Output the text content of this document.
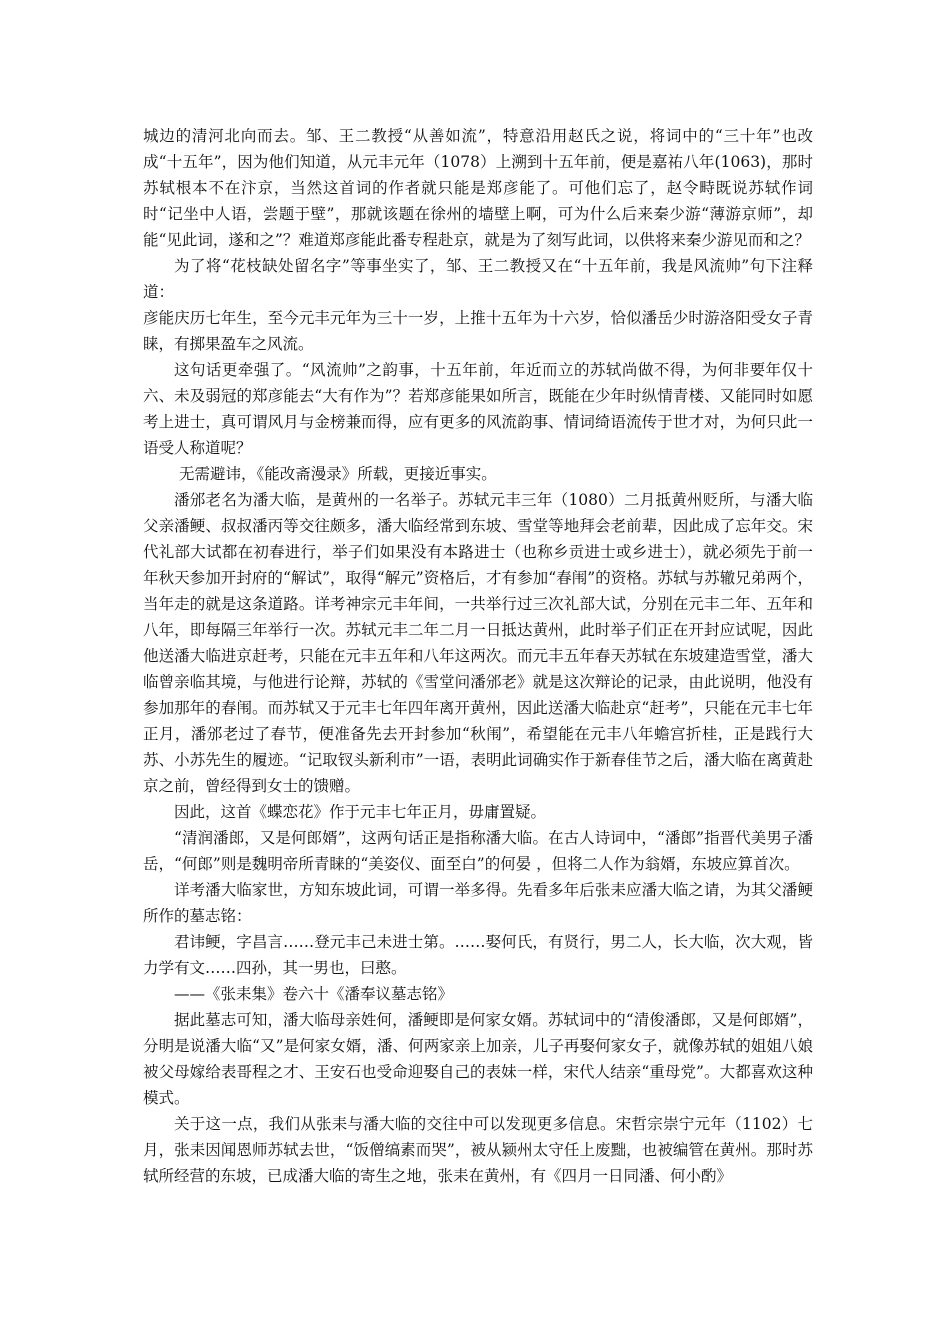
城边的清河北向而去。邹、王二教授“从善如流”，特意沿用赵氏之说，将词中的“三十年”也改成“十五年”，因为他们知道，从元丰元年（1078）上溯到十五年前，便是嘉祐八年(1063)，那时苏轼根本不在汴京，当然这首词的作者就只能是郑彦能了。可他们忘了，赵令畤既说苏轼作词时“记坐中人语，尝题于壁”，那就该题在徐州的墙壁上啊，可为什么后来秦少游“薄游京师”，却能“见此词，遂和之”？难道郑彦能此番专程赴京，就是为了刻写此词，以供将来秦少游见而和之？

为了将“花枝缺处留名字”等事坐实了，邹、王二教授又在“十五年前，我是风流帅”句下注释道：

彦能庆历七年生，至今元丰元年为三十一岁，上推十五年为十六岁，恰似潘岳少时游洛阳受女子青睐，有掷果盈车之风流。

这句话更牵强了。“风流帅”之韵事，十五年前，年近而立的苏轼尚做不得，为何非要年仅十六、未及弱冠的郑彦能去“大有作为”？若郑彦能果如所言，既能在少年时纵情青楼、又能同时如愿考上进士，真可谓风月与金榜兼而得，应有更多的风流韵事、情词绮语流传于世才对，为何只此一语受人称道呢？

无需避讳，《能改斋漫录》所载，更接近事实。

潘邠老名为潘大临，是黄州的一名举子。苏轼元丰三年（1080）二月抵黄州贬所，与潘大临父亲潘鲠、叔叔潘丙等交往颇多，潘大临经常到东坡、雪堂等地拜会老前辈，因此成了忘年交。宋代礼部大试都在初春进行，举子们如果没有本路进士（也称乡贡进士或乡进士），就必须先于前一年秋天参加开封府的“解试”，取得“解元”资格后，才有参加“春闱”的资格。苏轼与苏辙兄弟两个，当年走的就是这条道路。详考神宗元丰年间，一共举行过三次礼部大试，分别在元丰二年、五年和八年，即每隔三年举行一次。苏轼元丰二年二月一日抵达黄州，此时举子们正在开封应试呢，因此他送潘大临进京赶考，只能在元丰五年和八年这两次。而元丰五年春天苏轼在东坡建造雪堂，潘大临曾亲临其境，与他进行论辩，苏轼的《雪堂问潘邠老》就是这次辩论的记录，由此说明，他没有参加那年的春闱。而苏轼又于元丰七年四年离开黄州，因此送潘大临赴京“赶考”，只能在元丰七年正月，潘邠老过了春节，便准备先去开封参加“秋闱”，希望能在元丰八年蟾宫折桂，正是践行大苏、小苏先生的履迹。“记取钗头新利市”一语，表明此词确实作于新春佳节之后，潘大临在离黄赴京之前，曾经得到女士的馈赠。

因此，这首《蝶恋花》作于元丰七年正月，毋庸置疑。

“清润潘郎，又是何郎婿”，这两句话正是指称潘大临。在古人诗词中，“潘郎”指晋代美男子潘岳，“何郎”则是魏明帝所青睐的“美姿仪、面至白”的何晏 ，但将二人作为翁婿，东坡应算首次。

详考潘大临家世，方知东坡此词，可谓一举多得。先看多年后张耒应潘大临之请，为其父潘鲠所作的墓志铭：

君讳鲠，字昌言……登元丰己未进士第。……娶何氏，有贤行，男二人，长大临，次大观，皆力学有文……四孙，其一男也，曰憨。

——《张耒集》卷六十《潘奉议墓志铭》

据此墓志可知，潘大临母亲姓何，潘鲠即是何家女婿。苏轼词中的“清俊潘郎，又是何郎婿”，分明是说潘大临“又”是何家女婿，潘、何两家亲上加亲，儿子再娶何家女子，就像苏轼的姐姐八娘被父母嫁给表哥程之才、王安石也受命迎娶自己的表妹一样，宋代人结亲“重母党”。大都喜欢这种模式。

关于这一点，我们从张耒与潘大临的交往中可以发现更多信息。宋哲宗崇宁元年（1102）七月，张耒因闻恩师苏轼去世，“饭僧缟素而哭”，被从颍州太守任上废黜，也被编管在黄州。那时苏轼所经营的东坡，已成潘大临的寄生之地，张耒在黄州，有《四月一日同潘、何小酌》
